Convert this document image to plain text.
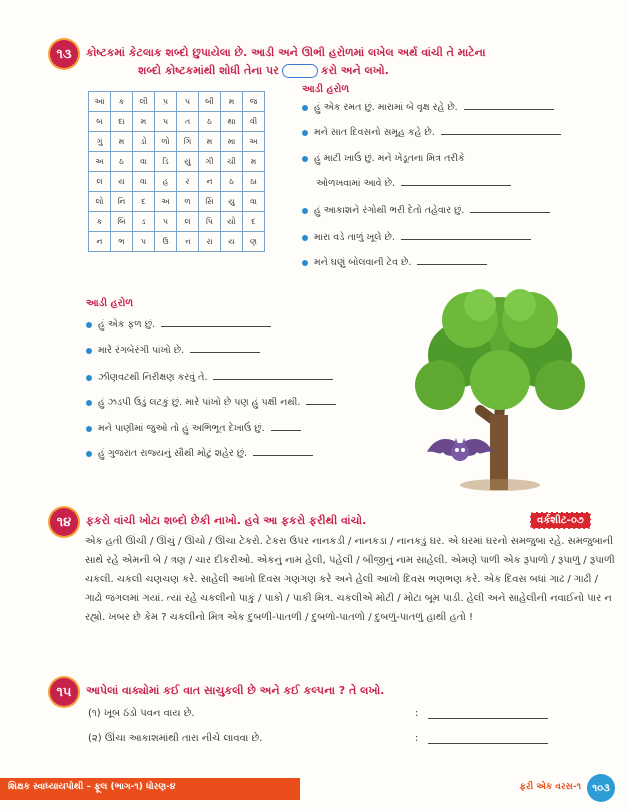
૧૩ કોષ્ટકમાં કેટલાક શબ્દો છુપાયેલા છે. આડી અને ઊભી હરોળમાં લખેલ અર્થ વાંચી તે માટેના
શબ્દો કોષ્ટકમાંથી શોધી તેના પર	કરો અને લખો.
આ	ક	લી	પ઼	પ	બી	મ	જ
બ	દા	મ	પ	ત	ઠ	થા	વી
ગું	મ	ડો	ળો	ગિ	મ	મા	અ
અ	ઠ	વા	ડિ	યું	ગી	ચી	મ
લ	ય	વા	હ	ર	ન	ઠ	ઠા
લો	નિ	દ	અ	ળ	સિ	યુ	વા
ક	બિ	ઙ	પ	લ	પિ	યો	દ
ન	ભ	પ	ઉ	ત્ત	રા	ય	ણ
આડી હરોળ
હું એક રમત છું. મારામાં બે વૃક્ષ રહે છે.
મને સાત દિવસનો સમૂહ કહે છે.
હું માટી ખાઉં છું. મને ખેડૂતના મિત્ર તરીકે
ઓળખવામાં આવે છે.
હું આકાશને રંગોથી ભરી દેતો તહેવાર છું.
મારા વડે તાળું ખૂલે છે.
મને ઘણું બોલવાની ટેવ છે.
આડી હરોળ
હું એક ફળ છું.
મારે રંગબેરંગી પાંખો છે.
ઝીણવટથી નિરીક્ષણ કરવું તે.
હું ઝડપી ઉડું લટકું છું. મારે પાંખો છે પણ હું પક્ષી નથી.
મને પાણીમાં જુઓ તો હું અભિભૂત દેખાઉં છું.
હું ગુજરાત રાજ્યનું સૌથી મોટું શહેર છું.
૧૪ ફકરો વાંચી ખોટા શબ્દો છેકી નાખો. હવે આ ફકરો ફરીથી વાંચો.	વર્કશીટ-૦૭
એક હતી ઊંચી / ઊંચું / ઊંચો / ઊંચા ટેકરો. ટેકરા ઉપર નાનકડી / નાનકડા / નાનકડું ઘર. એ ઘરમાં ઘરનો સમજુબા રહે. સમજુબાની સાથે રહે એમની બે / ત્રણ / ચાર દીકરીઓ. એકનું નામ હેલી, પહેલી / બીજીનું નામ સાહેલી. એમણે પાળી એક રૂપાળો / રૂપાળું / રૂપાળી ચકલી. ચકલી ચણચણ કરે. સાહેલી આખો દિવસ ગણગણ કરે અને હેલી આખો દિવસ ભણભણ કરે. એક દિવસ બધાં ગાઢ / ગાઢી / ગાઢો જંગલમાં ગયાં. ત્યાં રહે ચકલીનો પાકું / પાકો / પાકી મિત્ર. ચકલીએ મોટી / મોટા બૂમ પાડી. હેલી અને સાહેલીની નવાઈનો પાર ન રહ્યો. ખબર છે કેમ ? ચકલીનો મિત્ર એક દુબળી-પાતળી / દુબળો-પાતળો / દુબળું-પાતળું હાથી હતો !
૧૫ આપેલાં વાક્યોમાં કઈ વાત સાચુકલી છે અને કઈ કલ્પના ? તે લખો.
(૧) ખૂબ ઠંડો પવન વાય છે.	:
(૨) ઊંચા આકાશમાંથી તારા નીચે લાવવા છે.	:
શિક્ષક સ્વાધ્યાયપોથી – ફૂલ (ભાગ-૧) ધોરણ-૪	ફરી એક વરસ-૧	૧૦૩
